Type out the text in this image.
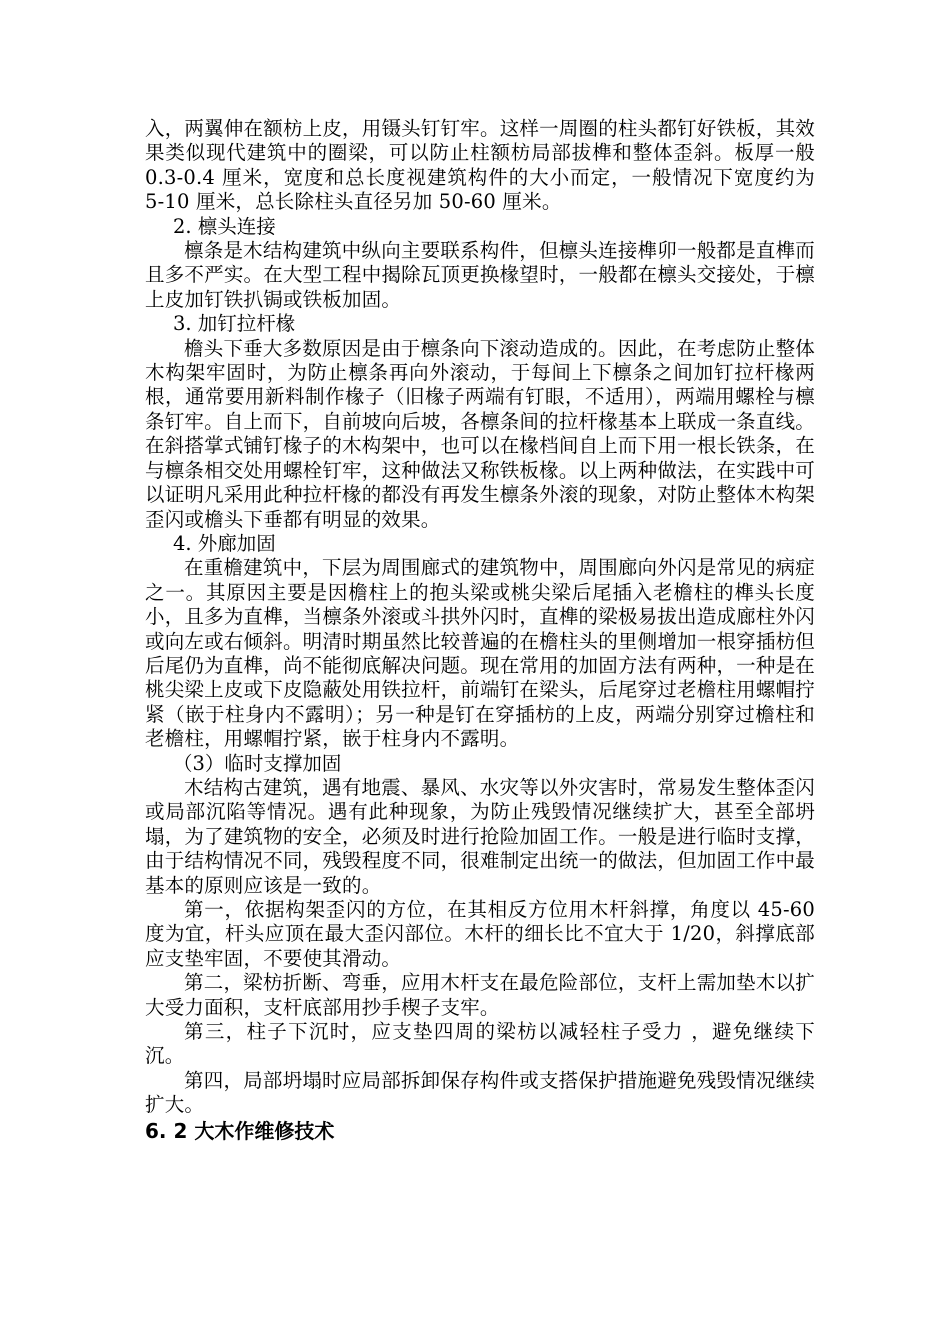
入，两翼伸在额枋上皮，用镊头钉钉牢。这样一周圈的柱头都钉好铁板，其效果类似现代建筑中的圈梁，可以防止柱额枋局部拔榫和整体歪斜。板厚一般 0.3-0.4 厘米，宽度和总长度视建筑构件的大小而定，一般情况下宽度约为 5-10 厘米，总长除柱头直径另加 50-60 厘米。

2. 檩头连接

檩条是木结构建筑中纵向主要联系构件，但檩头连接榫卯一般都是直榫而且多不严实。在大型工程中揭除瓦顶更换椽望时，一般都在檩头交接处，于檩上皮加钉铁扒锔或铁板加固。

3. 加钉拉杆椽

檐头下垂大多数原因是由于檩条向下滚动造成的。因此，在考虑防止整体木构架牢固时，为防止檩条再向外滚动，于每间上下檩条之间加钉拉杆椽两根，通常要用新料制作椽子（旧椽子两端有钉眼，不适用），两端用螺栓与檩条钉牢。自上而下，自前坡向后坡，各檩条间的拉杆椽基本上联成一条直线。在斜搭掌式铺钉椽子的木构架中，也可以在椽档间自上而下用一根长铁条，在与檩条相交处用螺栓钉牢，这种做法又称铁板椽。以上两种做法，在实践中可以证明凡采用此种拉杆椽的都没有再发生檩条外滚的现象，对防止整体木构架歪闪或檐头下垂都有明显的效果。

4. 外廊加固

在重檐建筑中，下层为周围廊式的建筑物中，周围廊向外闪是常见的病症之一。其原因主要是因檐柱上的抱头梁或桃尖梁后尾插入老檐柱的榫头长度小，且多为直榫，当檩条外滚或斗拱外闪时，直榫的梁极易拔出造成廊柱外闪或向左或右倾斜。明清时期虽然比较普遍的在檐柱头的里侧增加一根穿插枋但后尾仍为直榫，尚不能彻底解决问题。现在常用的加固方法有两种，一种是在桃尖梁上皮或下皮隐蔽处用铁拉杆，前端钉在梁头，后尾穿过老檐柱用螺帽拧紧（嵌于柱身内不露明）；另一种是钉在穿插枋的上皮，两端分别穿过檐柱和老檐柱，用螺帽拧紧，嵌于柱身内不露明。

（3）临时支撑加固

木结构古建筑，遇有地震、暴风、水灾等以外灾害时，常易发生整体歪闪或局部沉陷等情况。遇有此种现象，为防止残毁情况继续扩大，甚至全部坍塌，为了建筑物的安全，必须及时进行抢险加固工作。一般是进行临时支撑，由于结构情况不同，残毁程度不同，很难制定出统一的做法，但加固工作中最基本的原则应该是一致的。

第一，依据构架歪闪的方位，在其相反方位用木杆斜撑，角度以 45-60 度为宜，杆头应顶在最大歪闪部位。木杆的细长比不宜大于 1/20，斜撑底部应支垫牢固，不要使其滑动。

第二，梁枋折断、弯垂，应用木杆支在最危险部位，支杆上需加垫木以扩大受力面积，支杆底部用抄手楔子支牢。

第三，柱子下沉时，应支垫四周的梁枋以减轻柱子受力 ，避免继续下沉。

第四，局部坍塌时应局部拆卸保存构件或支搭保护措施避免残毁情况继续扩大。

6. 2 大木作维修技术
